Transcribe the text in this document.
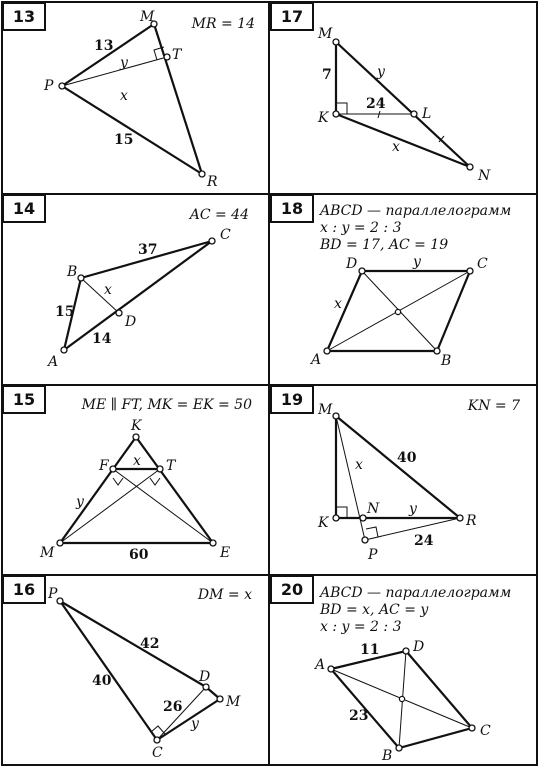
13	MR = 14
M
P
T
R
13
y
x
15
17
M
K	L
N
7	y
24
x
14	AC = 44
B
C
A
D
37
x
15
14
18 ABCD — параллелограмм
x : y = 2 : 3
BD = 17, AC = 19
D	C
A	B
y
x
15	ME ∥ FT, MK = EK = 50
K
F	T
M	E
x
y
60
19	KN = 7
M
K
N
R
P
40
x
y
24
16	DM = x
P
D
M
C
42
40
26
y
20 ABCD — параллелограмм
BD = x, AC = y
x : y = 2 : 3
A
D
C
B
11
23
